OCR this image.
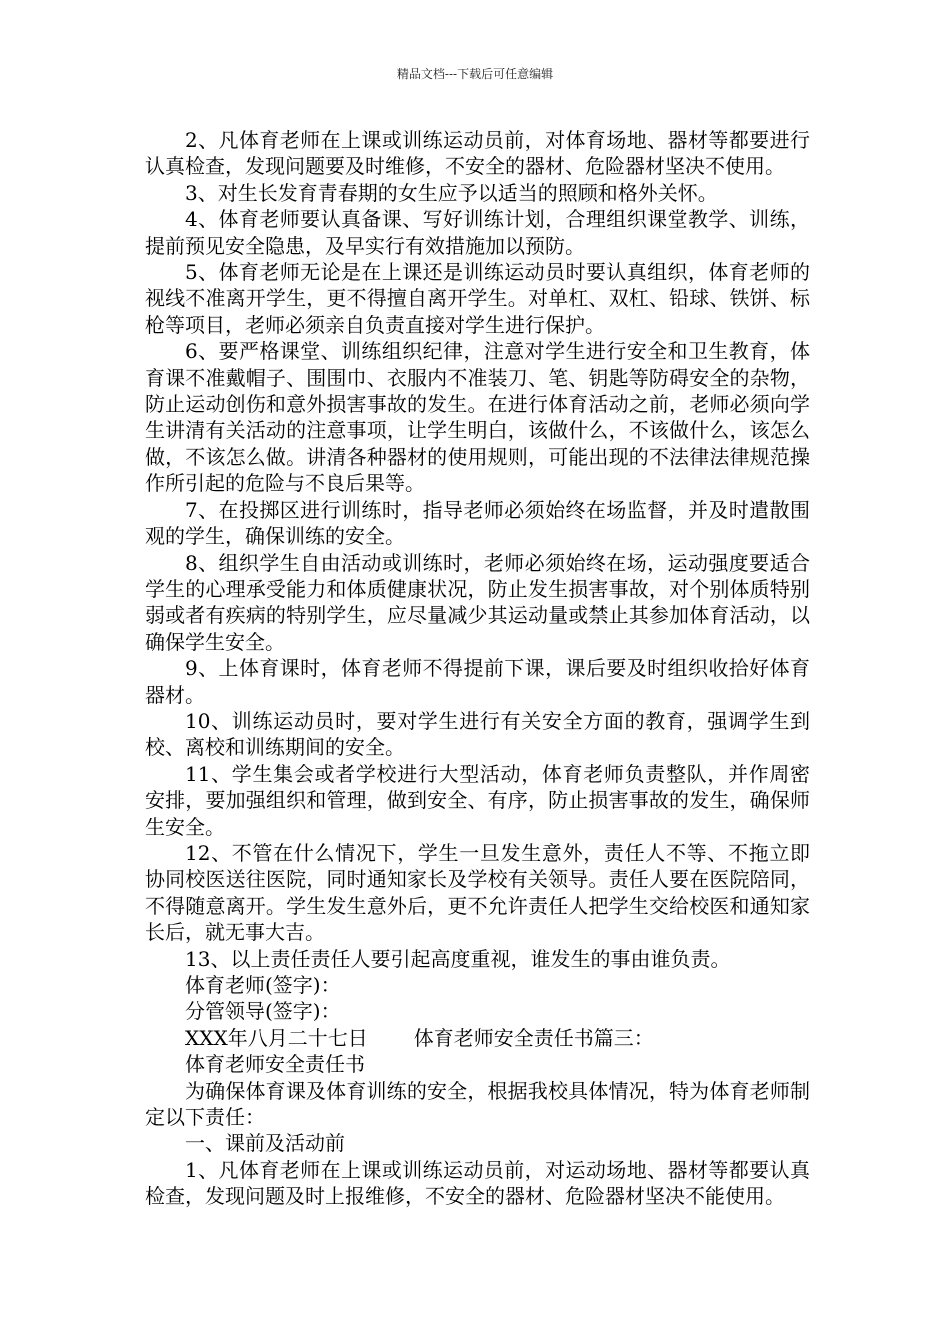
精品文档---下载后可任意编辑

2、凡体育老师在上课或训练运动员前，对体育场地、器材等都要进行认真检查，发现问题要及时维修，不安全的器材、危险器材坚决不使用。

3、对生长发育青春期的女生应予以适当的照顾和格外关怀。

4、体育老师要认真备课、写好训练计划，合理组织课堂教学、训练，提前预见安全隐患，及早实行有效措施加以预防。

5、体育老师无论是在上课还是训练运动员时要认真组织，体育老师的视线不准离开学生，更不得擅自离开学生。对单杠、双杠、铅球、铁饼、标枪等项目，老师必须亲自负责直接对学生进行保护。

6、要严格课堂、训练组织纪律，注意对学生进行安全和卫生教育，体育课不准戴帽子、围围巾、衣服内不准装刀、笔、钥匙等防碍安全的杂物，防止运动创伤和意外损害事故的发生。在进行体育活动之前，老师必须向学生讲清有关活动的注意事项，让学生明白，该做什么，不该做什么，该怎么做，不该怎么做。讲清各种器材的使用规则，可能出现的不法律法律规范操作所引起的危险与不良后果等。

7、在投掷区进行训练时，指导老师必须始终在场监督，并及时遣散围观的学生，确保训练的安全。

8、组织学生自由活动或训练时，老师必须始终在场，运动强度要适合学生的心理承受能力和体质健康状况，防止发生损害事故，对个别体质特别弱或者有疾病的特别学生，应尽量减少其运动量或禁止其参加体育活动，以确保学生安全。

9、上体育课时，体育老师不得提前下课，课后要及时组织收拾好体育器材。

10、训练运动员时，要对学生进行有关安全方面的教育，强调学生到校、离校和训练期间的安全。

11、学生集会或者学校进行大型活动，体育老师负责整队，并作周密安排，要加强组织和管理，做到安全、有序，防止损害事故的发生，确保师生安全。

12、不管在什么情况下，学生一旦发生意外，责任人不等、不拖立即协同校医送往医院，同时通知家长及学校有关领导。责任人要在医院陪同，不得随意离开。学生发生意外后，更不允许责任人把学生交给校医和通知家长后，就无事大吉。

13、以上责任责任人要引起高度重视，谁发生的事由谁负责。

体育老师(签字)：

分管领导(签字)：

XXX年八月二十七日 体育老师安全责任书篇三：

体育老师安全责任书

为确保体育课及体育训练的安全，根据我校具体情况，特为体育老师制定以下责任：

一、课前及活动前

1、凡体育老师在上课或训练运动员前，对运动场地、器材等都要认真检查，发现问题及时上报维修，不安全的器材、危险器材坚决不能使用。
